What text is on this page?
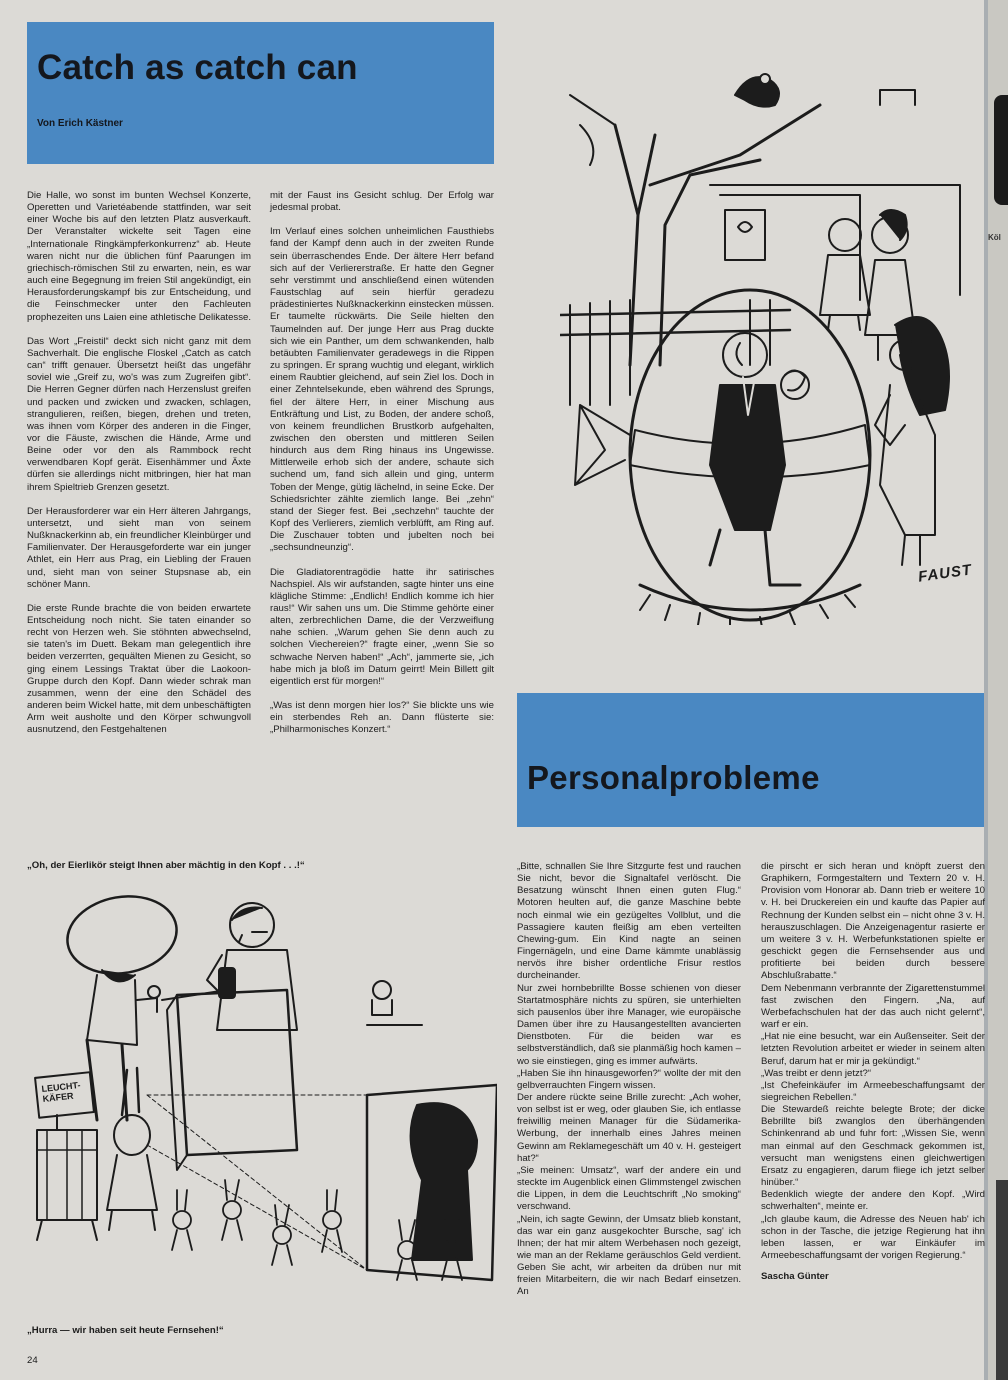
Köl
Catch as catch can
Von Erich Kästner

Die Halle, wo sonst im bunten Wechsel Konzerte, Operetten und Varietéabende stattfinden, war seit einer Woche bis auf den letzten Platz ausverkauft. Der Veranstalter wickelte seit Tagen eine „Internationale Ringkämpferkonkurrenz“ ab. Heute waren nicht nur die üblichen fünf Paarungen im griechisch-römischen Stil zu erwarten, nein, es war auch eine Begegnung im freien Stil angekündigt, ein Herausforderungskampf bis zur Entscheidung, und die Feinschmecker unter den Fachleuten prophezeiten uns Laien eine athletische Delikatesse.

Das Wort „Freistil“ deckt sich nicht ganz mit dem Sachverhalt. Die englische Floskel „Catch as catch can“ trifft genauer. Übersetzt heißt das ungefähr soviel wie „Greif zu, wo's was zum Zugreifen gibt“. Die Herren Gegner dürfen nach Herzenslust greifen und packen und zwicken und zwacken, schlagen, strangulieren, reißen, biegen, drehen und treten, was ihnen vom Körper des anderen in die Finger, vor die Fäuste, zwischen die Hände, Arme und Beine oder vor den als Rammbock recht verwendbaren Kopf gerät. Eisenhämmer und Äxte dürfen sie allerdings nicht mitbringen, hier hat man ihrem Spieltrieb Grenzen gesetzt.

Der Herausforderer war ein Herr älteren Jahrgangs, untersetzt, und sieht man von seinem Nußknackerkinn ab, ein freundlicher Kleinbürger und Familienvater. Der Herausgeforderte war ein junger Athlet, ein Herr aus Prag, ein Liebling der Frauen und, sieht man von seiner Stupsnase ab, ein schöner Mann.

Die erste Runde brachte die von beiden erwartete Entscheidung noch nicht. Sie taten einander so recht von Herzen weh. Sie stöhnten abwechselnd, sie taten's im Duett. Bekam man gelegentlich ihre beiden verzerrten, gequälten Mienen zu Gesicht, so ging einem Lessings Traktat über die Laokoon-Gruppe durch den Kopf. Dann wieder schrak man zusammen, wenn der eine den Schädel des anderen beim Wickel hatte, mit dem unbeschäftigten Arm weit ausholte und den Körper schwungvoll ausnutzend, den Festgehaltenen

mit der Faust ins Gesicht schlug. Der Erfolg war jedesmal probat.

Im Verlauf eines solchen unheimlichen Fausthiebs fand der Kampf denn auch in der zweiten Runde sein überraschendes Ende. Der ältere Herr befand sich auf der Verliererstraße. Er hatte den Gegner sehr verstimmt und anschließend einen wütenden Faustschlag auf sein hierfür geradezu prädestiniertes Nußknackerkinn einstecken müssen. Er taumelte rückwärts. Die Seile hielten den Taumelnden auf. Der junge Herr aus Prag duckte sich wie ein Panther, um dem schwankenden, halb betäubten Familienvater geradewegs in die Rippen zu springen. Er sprang wuchtig und elegant, wirklich einem Raubtier gleichend, auf sein Ziel los. Doch in einer Zehntelsekunde, eben während des Sprungs, fiel der ältere Herr, in einer Mischung aus Entkräftung und List, zu Boden, der andere schoß, von keinem freundlichen Brustkorb aufgehalten, zwischen den obersten und mittleren Seilen hindurch aus dem Ring hinaus ins Ungewisse. Mittlerweile erhob sich der andere, schaute sich suchend um, fand sich allein und ging, unterm Toben der Menge, gütig lächelnd, in seine Ecke. Der Schiedsrichter zählte ziemlich lange. Bei „zehn“ stand der Sieger fest. Bei „sechzehn“ tauchte der Kopf des Verlierers, ziemlich verblüfft, am Ring auf. Die Zuschauer tobten und jubelten noch bei „sechsundneunzig“.

Die Gladiatorentragödie hatte ihr satirisches Nachspiel. Als wir aufstanden, sagte hinter uns eine klägliche Stimme: „Endlich! Endlich komme ich hier raus!“ Wir sahen uns um. Die Stimme gehörte einer alten, zerbrechlichen Dame, die der Verzweiflung nahe schien. „Warum gehen Sie denn auch zu solchen Viechereien?“ fragte einer, „wenn Sie so schwache Nerven haben!“ „Ach“, jammerte sie, „ich habe mich ja bloß im Datum geirrt! Mein Billett gilt eigentlich erst für morgen!“

„Was ist denn morgen hier los?“ Sie blickte uns wie ein sterbendes Reh an. Dann flüsterte sie: „Philharmonisches Konzert.“

FAUST
Personalprobleme
„Oh, der Eierlikör steigt Ihnen aber mächtig in den Kopf . . .!“
LEUCHT-
KÄFER
„Hurra — wir haben seit heute Fernsehen!“

„Bitte, schnallen Sie Ihre Sitzgurte fest und rauchen Sie nicht, bevor die Signaltafel verlöscht. Die Besatzung wünscht Ihnen einen guten Flug.“ Motoren heulten auf, die ganze Maschine bebte noch einmal wie ein gezügeltes Vollblut, und die Passagiere kauten fleißig am eben verteilten Chewing-gum. Ein Kind nagte an seinen Fingernägeln, und eine Dame kämmte unablässig nervös ihre bisher ordentliche Frisur restlos durcheinander.

Nur zwei hornbebrillte Bosse schienen von dieser Startatmosphäre nichts zu spüren, sie unterhielten sich pausenlos über ihre Manager, wie europäische Damen über ihre zu Hausangestellten avancierten Dienstboten. Für die beiden war es selbstverständlich, daß sie planmäßig hoch kamen – wo sie einstiegen, ging es immer aufwärts.

„Haben Sie ihn hinausgeworfen?“ wollte der mit den gelbverrauchten Fingern wissen.

Der andere rückte seine Brille zurecht: „Ach woher, von selbst ist er weg, oder glauben Sie, ich entlasse freiwillig meinen Manager für die Südamerika-Werbung, der innerhalb eines Jahres meinen Gewinn am Reklamegeschäft um 40 v. H. gesteigert hat?“

„Sie meinen: Umsatz“, warf der andere ein und steckte im Augenblick einen Glimmstengel zwischen die Lippen, in dem die Leuchtschrift „No smoking“ verschwand.

„Nein, ich sagte Gewinn, der Umsatz blieb konstant, das war ein ganz ausgekochter Bursche, sag' ich Ihnen; der hat mir altem Werbehasen noch gezeigt, wie man an der Reklame geräuschlos Geld verdient. Geben Sie acht, wir arbeiten da drüben nur mit freien Mitarbeitern, die wir nach Bedarf einsetzen. An

die pirscht er sich heran und knöpft zuerst den Graphikern, Formgestaltern und Textern 20 v. H. Provision vom Honorar ab. Dann trieb er weitere 10 v. H. bei Druckereien ein und kaufte das Papier auf Rechnung der Kunden selbst ein – nicht ohne 3 v. H. herauszuschlagen. Die Anzeigenagentur rasierte er um weitere 3 v. H. Werbefunkstationen spielte er geschickt gegen die Fernsehsender aus und profitierte bei beiden durch bessere Abschlußrabatte.“

Dem Nebenmann verbrannte der Zigarettenstummel fast zwischen den Fingern. „Na, auf Werbefachschulen hat der das auch nicht gelernt“, warf er ein.

„Hat nie eine besucht, war ein Außenseiter. Seit der letzten Revolution arbeitet er wieder in seinem alten Beruf, darum hat er mir ja gekündigt.“

„Was treibt er denn jetzt?“

„Ist Chefeinkäufer im Armeebeschaffungsamt der siegreichen Rebellen.“

Die Stewardeß reichte belegte Brote; der dicke Bebrillte biß zwanglos den überhängenden Schinkenrand ab und fuhr fort: „Wissen Sie, wenn man einmal auf den Geschmack gekommen ist, versucht man wenigstens einen gleichwertigen Ersatz zu engagieren, darum fliege ich jetzt selber hinüber.“

Bedenklich wiegte der andere den Kopf. „Wird schwerhalten“, meinte er.

„Ich glaube kaum, die Adresse des Neuen hab' ich schon in der Tasche, die jetzige Regierung hat ihn leben lassen, er war Einkäufer im Armeebeschaffungsamt der vorigen Regierung.“

Sascha Günter

24
